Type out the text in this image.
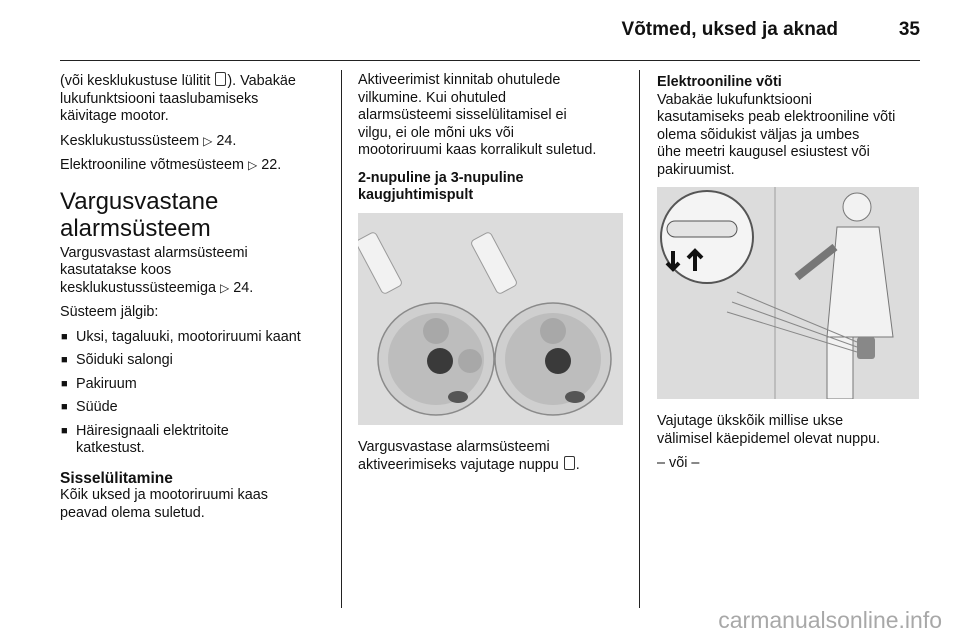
Võtmed, uksed ja aknad	35

(või kesklukustuse lülitit ). Vabakäe
lukufunktsiooni taaslubamiseks
käivitage mootor.

Kesklukustussüsteem ▷ 24.

Elektrooniline võtmesüsteem ▷ 22.

Vargusvastane
alarmsüsteem

Vargusvastast alarmsüsteemi
kasutatakse koos
kesklukustussüsteemiga ▷ 24.

Süsteem jälgib:

■ Uksi, tagaluuki, mootoriruumi kaant
■ Sõiduki salongi
■ Pakiruum
■ Süüde
■ Häiresignaali elektritoite
katkestust.
Sisselülitamine

Kõik uksed ja mootoriruumi kaas
peavad olema suletud.

Aktiveerimist kinnitab ohutulede
vilkumine. Kui ohutuled
alarmsüsteemi sisselülitamisel ei
vilgu, ei ole mõni uks või
mootoriruumi kaas korralikult suletud.

2-nupuline ja 3-nupuline
kaugjuhtimispult

Vargusvastase alarmsüsteemi
aktiveerimiseks vajutage nuppu .

Elektrooniline võti

Vabakäe lukufunktsiooni
kasutamiseks peab elektrooniline võti
olema sõidukist väljas ja umbes
ühe meetri kaugusel esiustest või
pakiruumist.

Vajutage ükskõik millise ukse
välimisel käepidemel olevat nuppu.

– või –

carmanualsonline.info
